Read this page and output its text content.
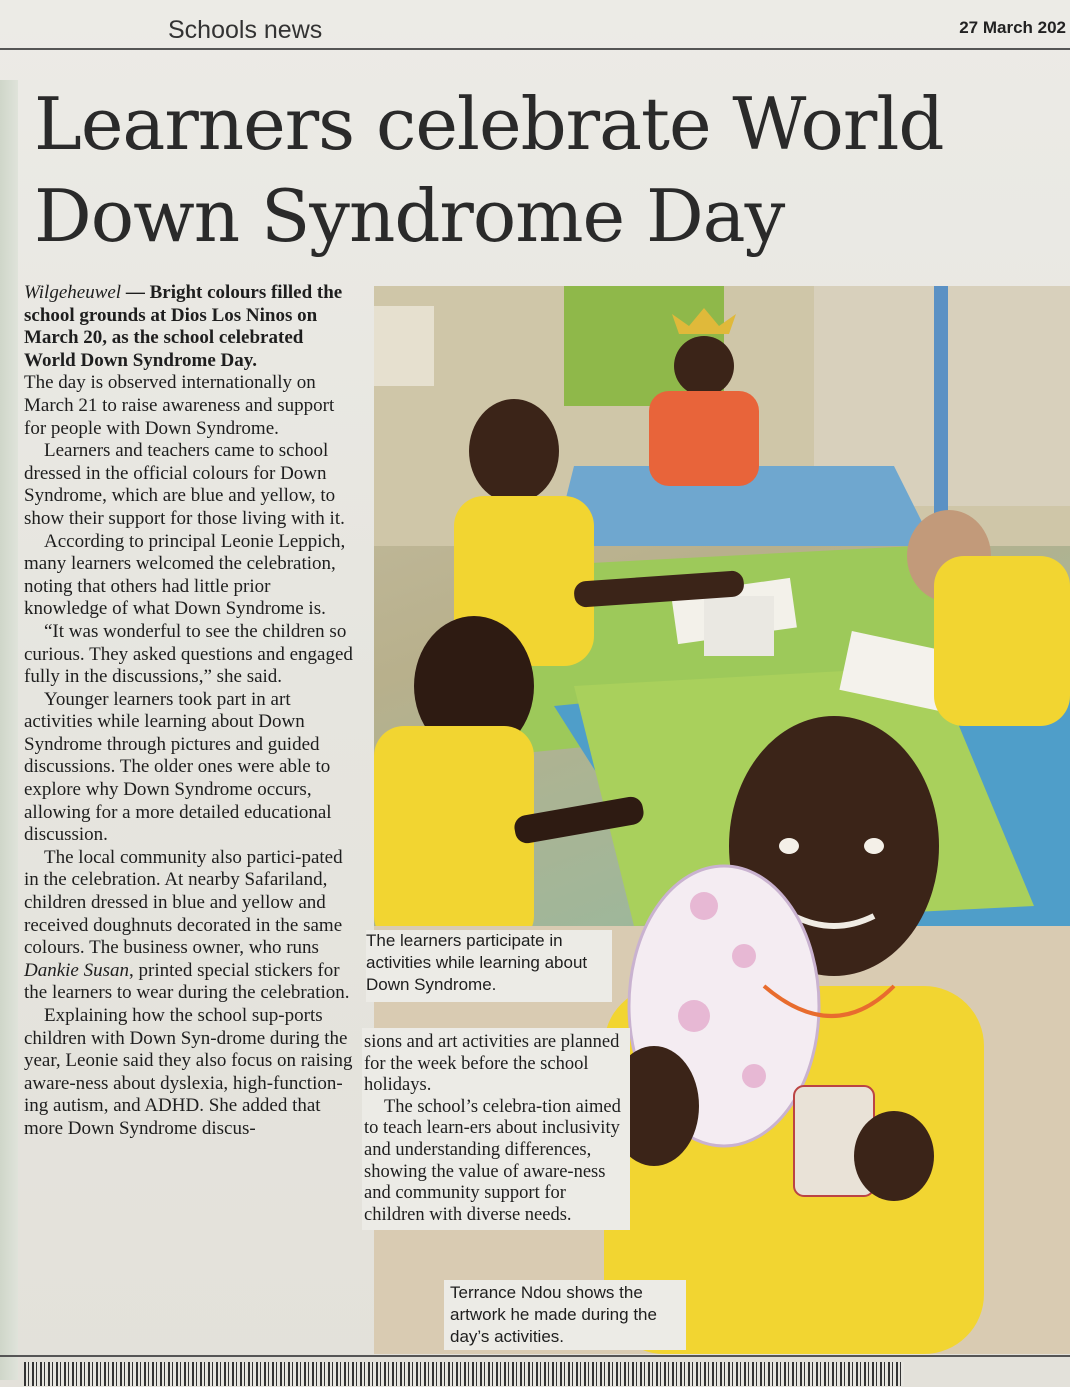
Schools news	27 March 202
Learners celebrate World
Down Syndrome Day

Wilgeheuwel — Bright colours filled the school grounds at Dios Los Ninos on March 20, as the school celebrated World Down Syndrome Day.

The day is observed internationally on March 21 to raise awareness and support for people with Down Syndrome.

Learners and teachers came to school dressed in the official colours for Down Syndrome, which are blue and yellow, to show their support for those living with it.

According to principal Leonie Leppich, many learners welcomed the celebration, noting that others had little prior knowledge of what Down Syndrome is.

“It was wonderful to see the children so curious. They asked questions and engaged fully in the discussions,” she said.

Younger learners took part in art activities while learning about Down Syndrome through pictures and guided discussions. The older ones were able to explore why Down Syndrome occurs, allowing for a more detailed educational discussion.

The local community also partici-pated in the celebration. At nearby Safariland, children dressed in blue and yellow and received doughnuts decorated in the same colours. The business owner, who runs Dankie Susan, printed special stickers for the learners to wear during the celebration.

Explaining how the school sup-ports children with Down Syn-drome during the year, Leonie said they also focus on raising aware-ness about dyslexia, high-function-ing autism, and ADHD. She added that more Down Syndrome discus-

The learners participate in activities while learning about Down Syndrome.

sions and art activities are planned for the week before the school holidays.

The school’s celebra-tion aimed to teach learn-ers about inclusivity and understanding differences, showing the value of aware-ness and community support for children with diverse needs.

Terrance Ndou shows the artwork he made during the day’s activities.
